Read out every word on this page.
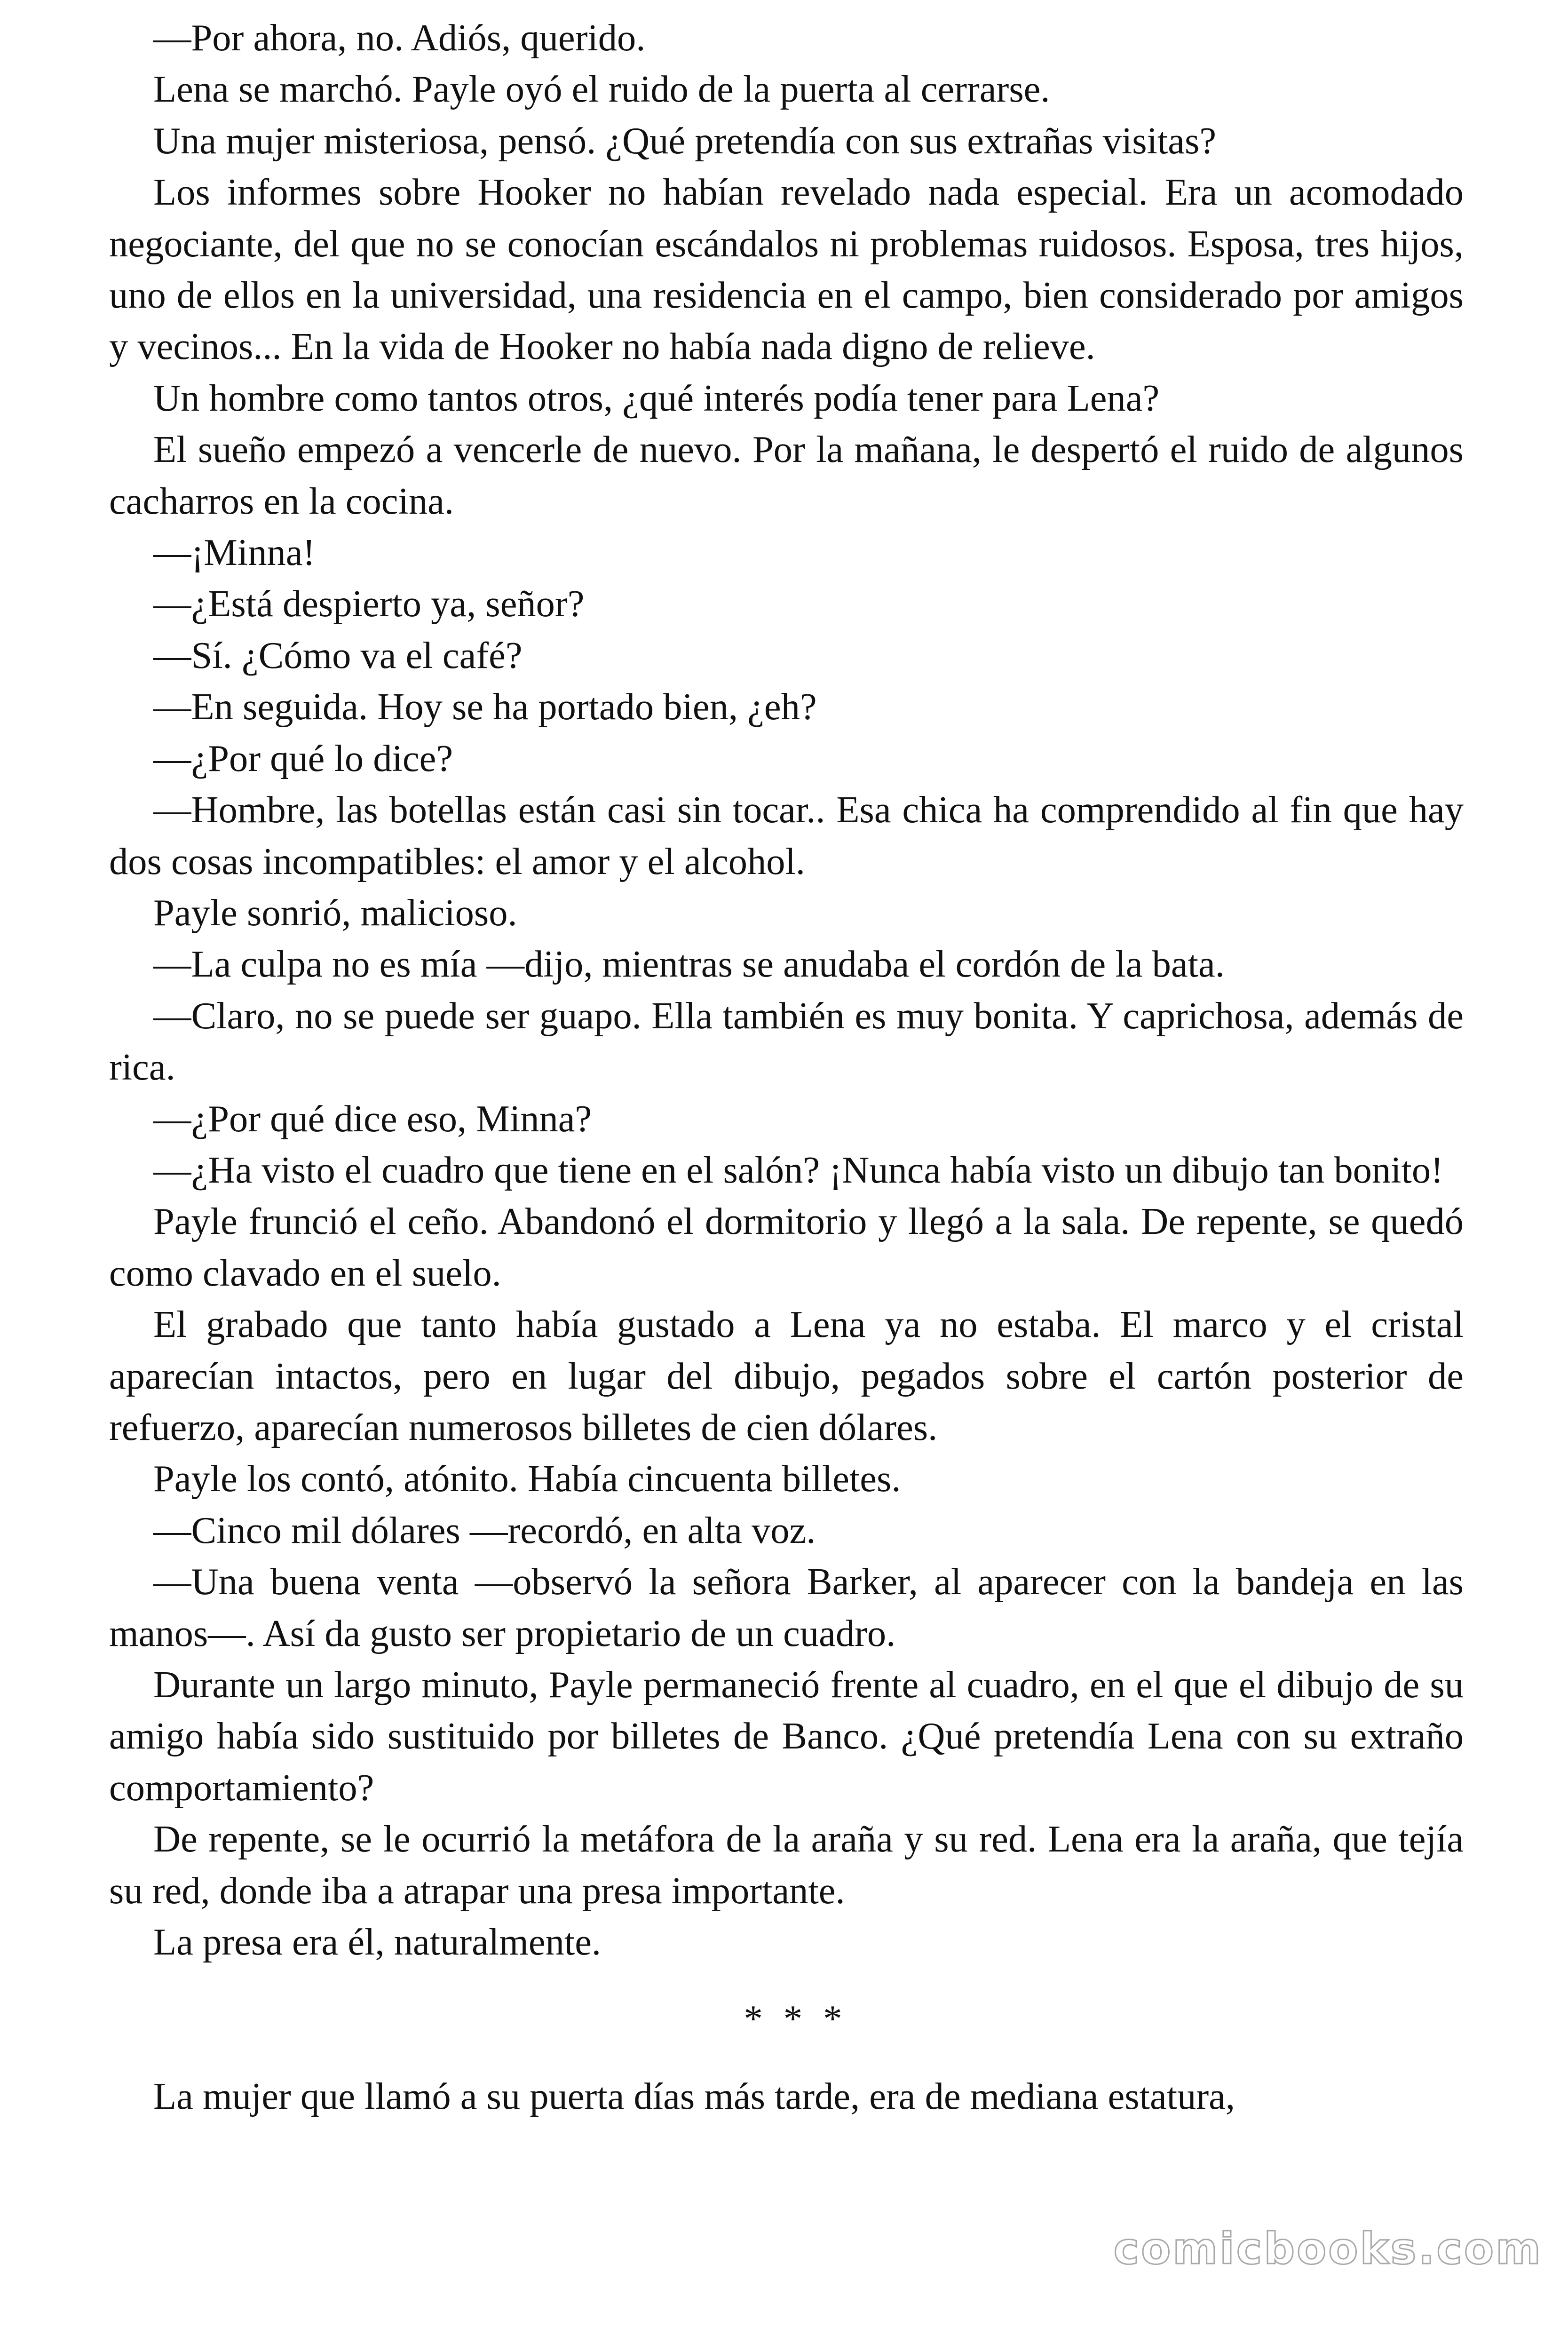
—Por ahora, no. Adiós, querido.

Lena se marchó. Payle oyó el ruido de la puerta al cerrarse.

Una mujer misteriosa, pensó. ¿Qué pretendía con sus extrañas visitas?

Los informes sobre Hooker no habían revelado nada especial. Era un acomodado negociante, del que no se conocían escándalos ni problemas ruidosos. Esposa, tres hijos, uno de ellos en la universidad, una residencia en el campo, bien considerado por amigos y vecinos... En la vida de Hooker no había nada digno de relieve.

Un hombre como tantos otros, ¿qué interés podía tener para Lena?

El sueño empezó a vencerle de nuevo. Por la mañana, le despertó el ruido de algunos cacharros en la cocina.

—¡Minna!

—¿Está despierto ya, señor?

—Sí. ¿Cómo va el café?

—En seguida. Hoy se ha portado bien, ¿eh?

—¿Por qué lo dice?

—Hombre, las botellas están casi sin tocar.. Esa chica ha comprendido al fin que hay dos cosas incompatibles: el amor y el alcohol.

Payle sonrió, malicioso.

—La culpa no es mía —dijo, mientras se anudaba el cordón de la bata.

—Claro, no se puede ser guapo. Ella también es muy bonita. Y caprichosa, además de rica.

—¿Por qué dice eso, Minna?

—¿Ha visto el cuadro que tiene en el salón? ¡Nunca había visto un dibujo tan bonito!

Payle frunció el ceño. Abandonó el dormitorio y llegó a la sala. De repente, se quedó como clavado en el suelo.

El grabado que tanto había gustado a Lena ya no estaba. El marco y el cristal aparecían intactos, pero en lugar del dibujo, pegados sobre el cartón posterior de refuerzo, aparecían numerosos billetes de cien dólares.

Payle los contó, atónito. Había cincuenta billetes.

—Cinco mil dólares —recordó, en alta voz.

—Una buena venta —observó la señora Barker, al aparecer con la bandeja en las manos—. Así da gusto ser propietario de un cuadro.

Durante un largo minuto, Payle permaneció frente al cuadro, en el que el dibujo de su amigo había sido sustituido por billetes de Banco. ¿Qué pretendía Lena con su extraño comportamiento?

De repente, se le ocurrió la metáfora de la araña y su red. Lena era la araña, que tejía su red, donde iba a atrapar una presa importante.

La presa era él, naturalmente.

* * *

La mujer que llamó a su puerta días más tarde, era de mediana estatura,

comicbooks.com
